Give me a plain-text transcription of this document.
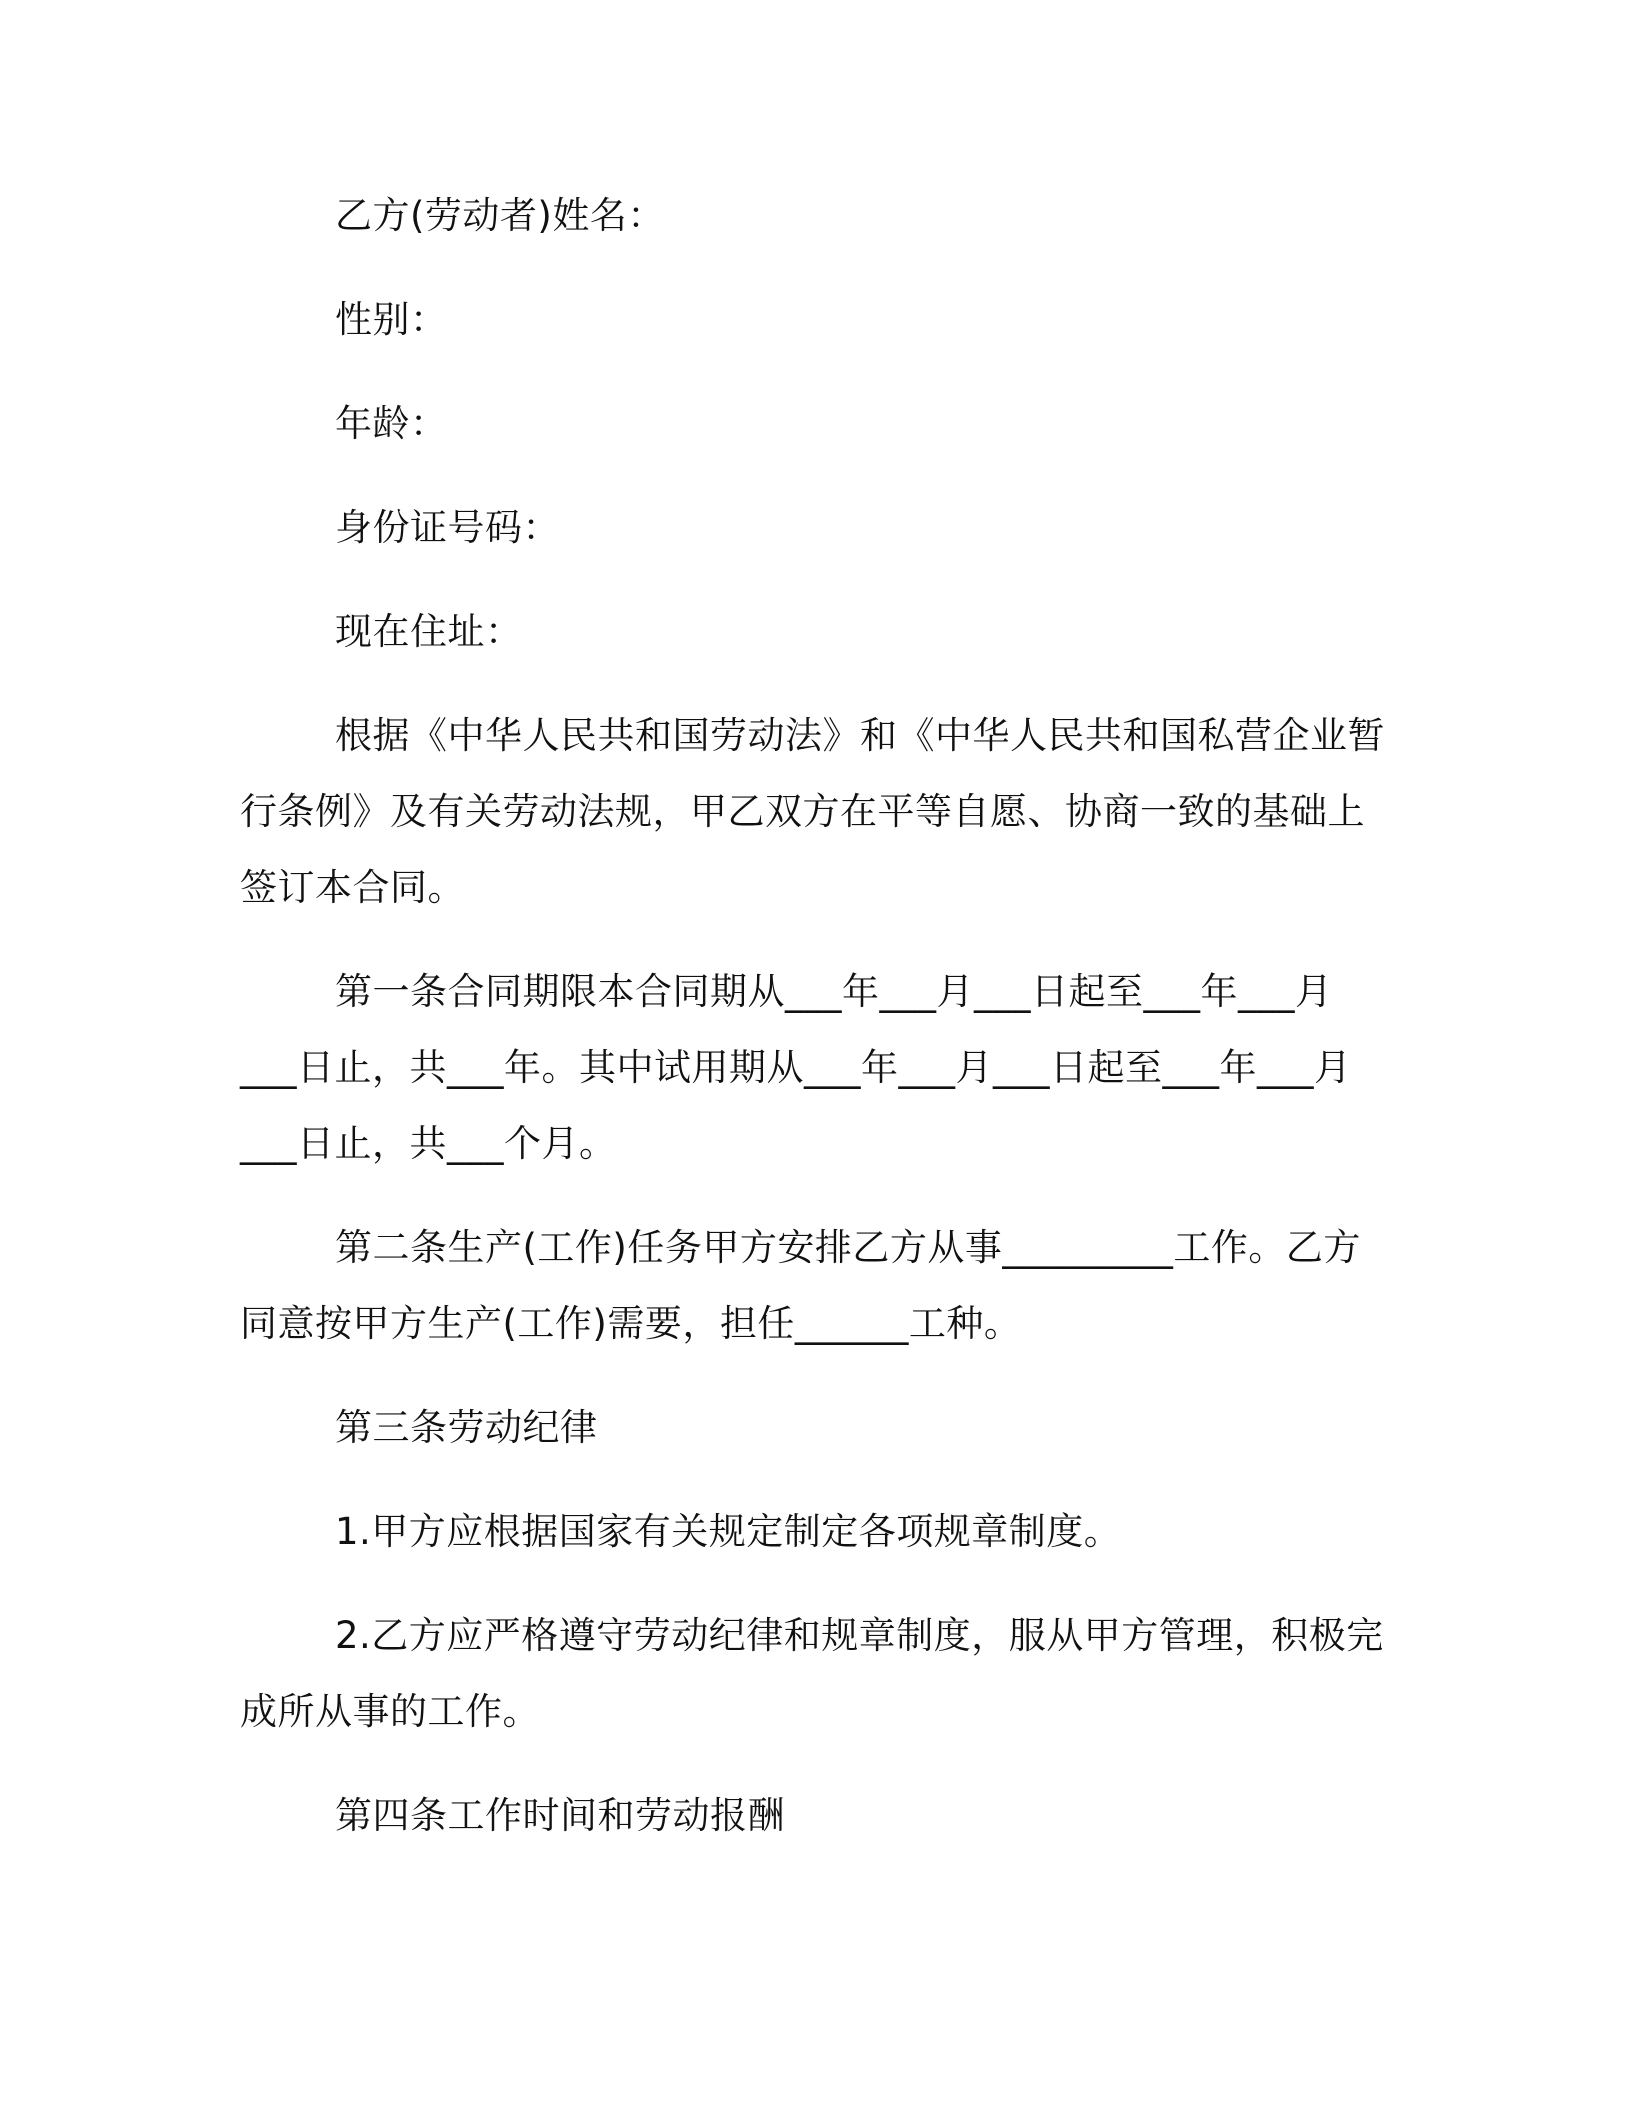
乙方(劳动者)姓名：
性别：
年龄：
身份证号码：
现在住址：
根据《中华人民共和国劳动法》和《中华人民共和国私营企业暂
行条例》及有关劳动法规，甲乙双方在平等自愿、协商一致的基础上
签订本合同。
第一条合同期限本合同期从___年___月___日起至___年___月
___日止，共___年。其中试用期从___年___月___日起至___年___月
___日止，共___个月。
第二条生产(工作)任务甲方安排乙方从事_________工作。乙方
同意按甲方生产(工作)需要，担任______工种。
第三条劳动纪律
1.甲方应根据国家有关规定制定各项规章制度。
2.乙方应严格遵守劳动纪律和规章制度，服从甲方管理，积极完
成所从事的工作。
第四条工作时间和劳动报酬
